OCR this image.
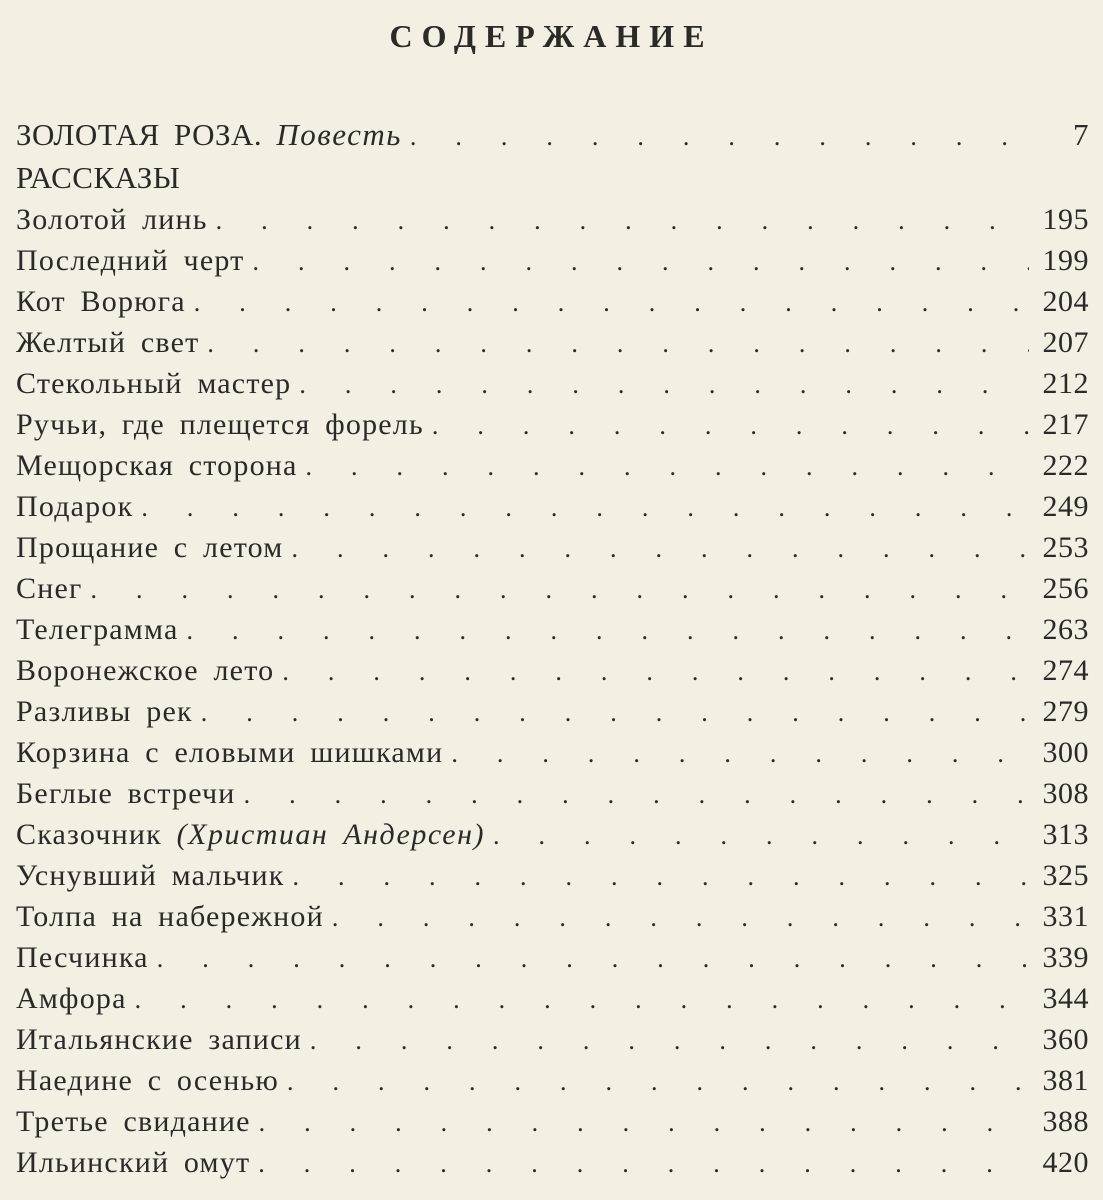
СОДЕРЖАНИЕ
ЗОЛОТАЯ РОЗА. Повесть .	7
РАССКАЗЫ
Золотой линь .	195
Последний черт .	199
Кот Ворюга .	204
Желтый свет .	207
Стекольный мастер .	212
Ручьи, где плещется форель .	217
Мещорская сторона .	222
Подарок .	249
Прощание с летом .	253
Снег .	256
Телеграмма .	263
Воронежское лето .	274
Разливы рек .	279
Корзина с еловыми шишками .	300
Беглые встречи .	308
Сказочник (Христиан Андерсен) .	313
Уснувший мальчик .	325
Толпа на набережной .	331
Песчинка .	339
Амфора .	344
Итальянские записи .	360
Наедине с осенью .	381
Третье свидание .	388
Ильинский омут .	420
